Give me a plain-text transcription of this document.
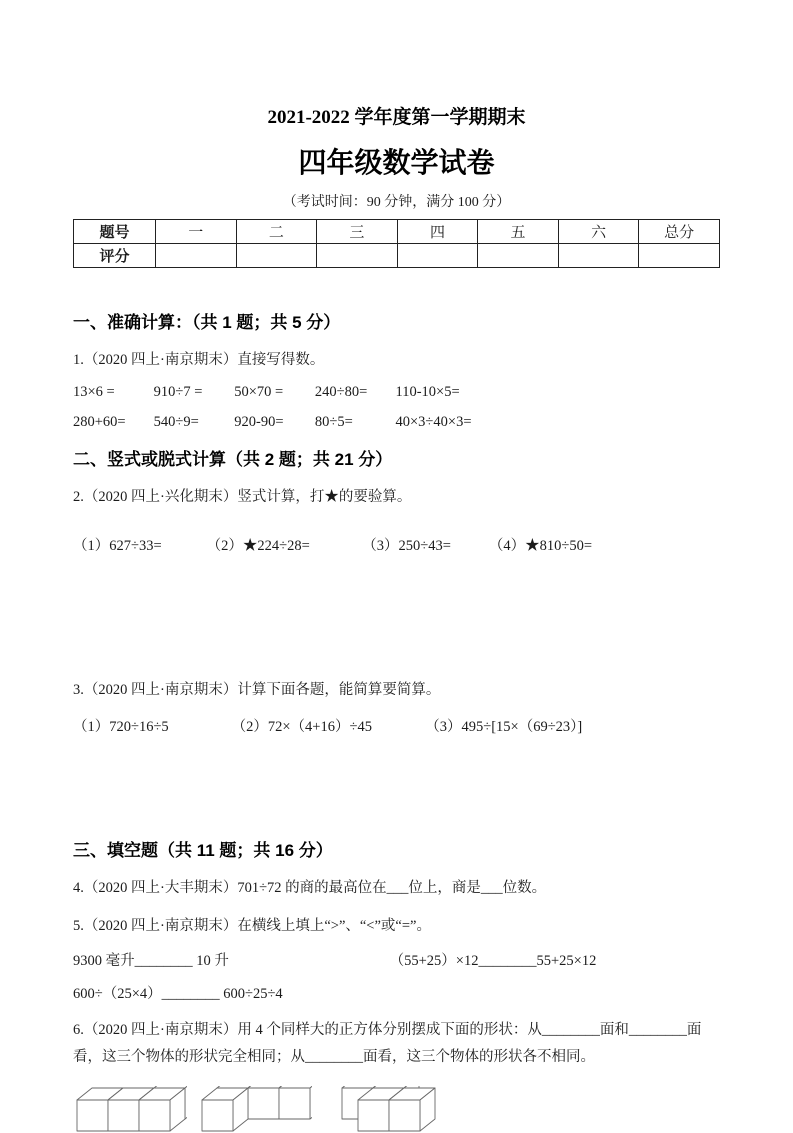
2021-2022 学年度第一学期期末
四年级数学试卷

（考试时间：90 分钟，满分 100 分）

题号	一	二	三	四	五	六	总分
评分							
一、准确计算：（共 1 题；共 5 分）

1.（2020 四上·南京期末）直接写得数。

13×6 =	910÷7 = 50×70 = 240÷80= 110-10×5=
280+60= 540÷9= 920-90= 80÷5=	40×3÷40×3=
二、竖式或脱式计算（共 2 题；共 21 分）

2.（2020 四上·兴化期末）竖式计算，打★的要验算。

（1）627÷33=	（2）★224÷28=	（3）250÷43=	（4）★810÷50=

3.（2020 四上·南京期末）计算下面各题，能简算要简算。

（1）720÷16÷5	（2）72×（4+16）÷45	（3）495÷[15×（69÷23）]
三、填空题（共 11 题；共 16 分）

4.（2020 四上·大丰期末）701÷72 的商的最高位在___位上，商是___位数。

5.（2020 四上·南京期末）在横线上填上“>”、“<”或“=”。

9300 毫升________ 10 升	（55+25）×12________55+25×12
600÷（25×4）________ 600÷25÷4

6.（2020 四上·南京期末）用 4 个同样大的正方体分别摆成下面的形状：从________面和________面看，这三个物体的形状完全相同；从________面看，这三个物体的形状各不相同。
